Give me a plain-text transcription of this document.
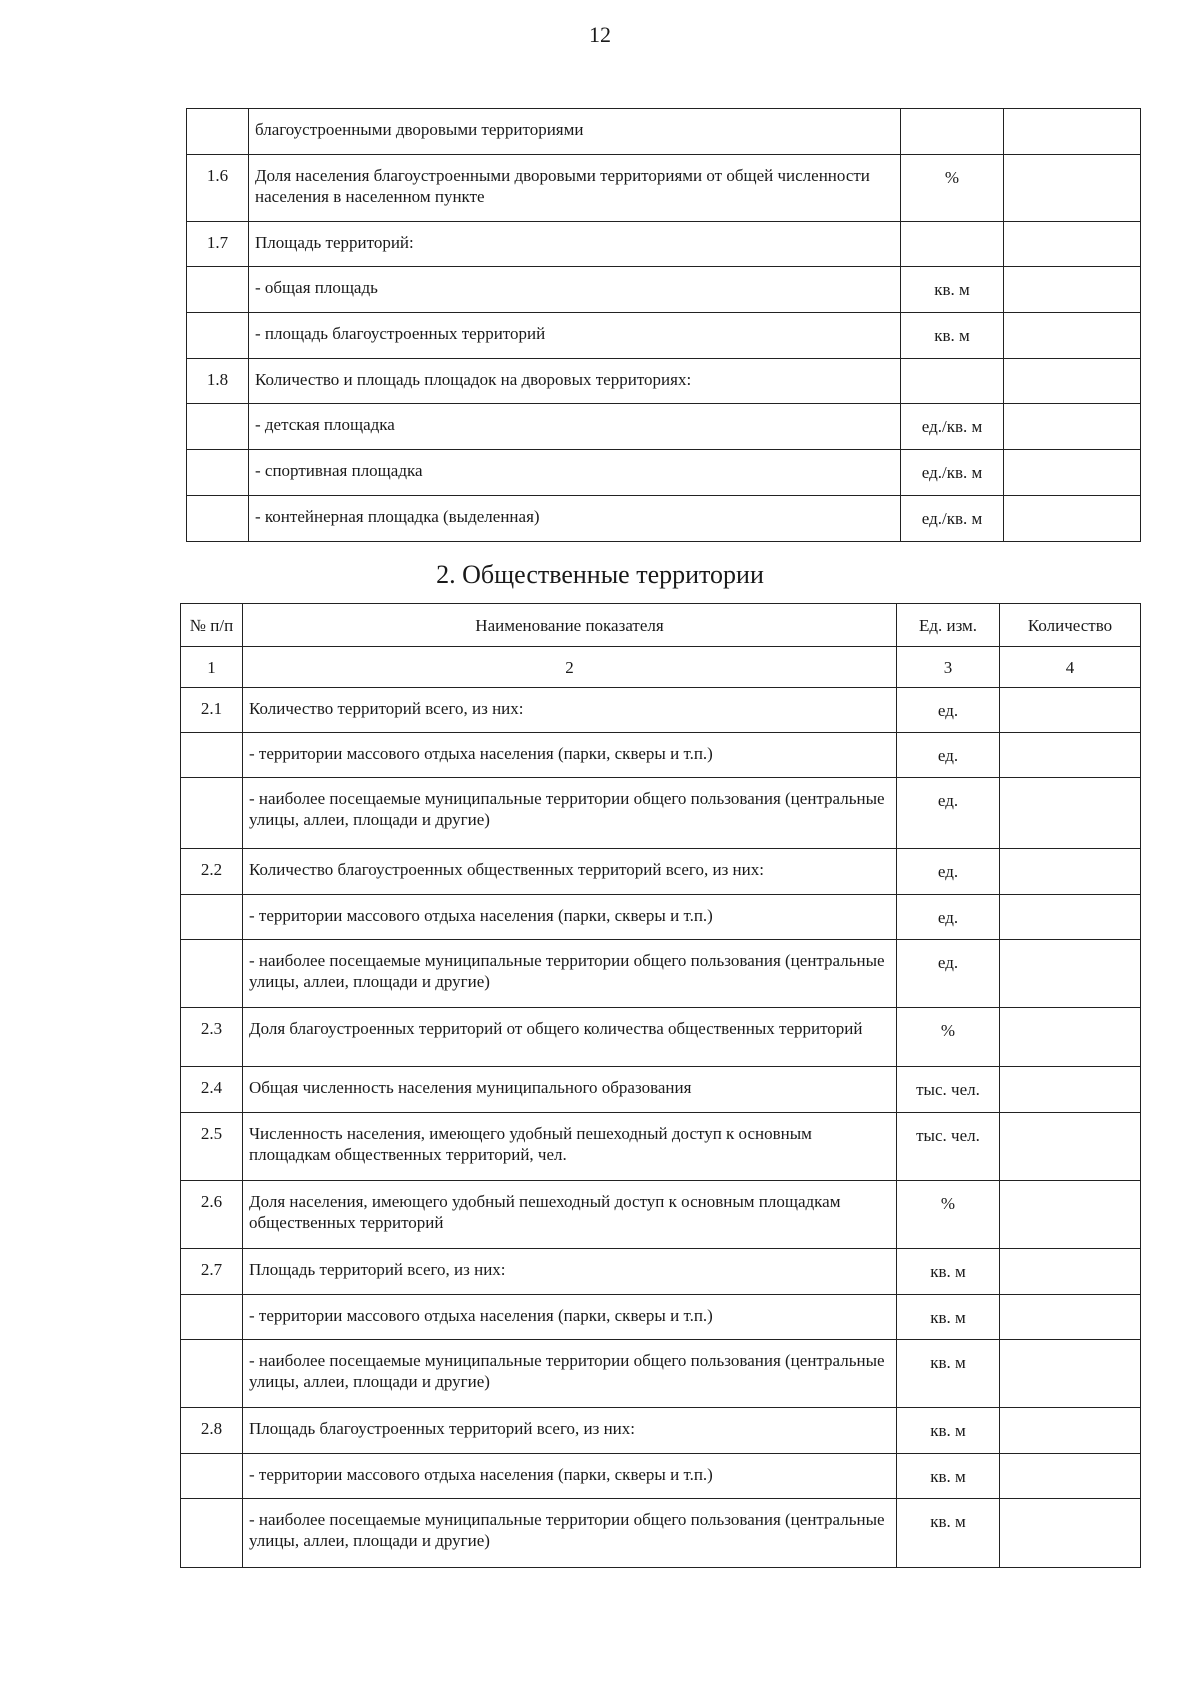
12
	благоустроенными дворовыми территориями		
1.6	Доля населения благоустроенными дворовыми территориями от общей численности населения в населенном пункте	%	
1.7	Площадь территорий:		
	- общая площадь	кв. м	
	- площадь благоустроенных территорий	кв. м	
1.8	Количество и площадь площадок на дворовых территориях:		
	- детская площадка	ед./кв. м	
	- спортивная площадка	ед./кв. м	
	- контейнерная площадка (выделенная)	ед./кв. м	
2. Общественные территории
№ п/п	Наименование показателя	Ед. изм.	Количество
1	2	3	4
2.1	Количество территорий всего, из них:	ед.	
	- территории массового отдыха населения (парки, скверы и т.п.)	ед.	
	- наиболее посещаемые муниципальные территории общего пользования (центральные улицы, аллеи, площади и другие)	ед.	
2.2	Количество благоустроенных общественных территорий всего, из них:	ед.	
	- территории массового отдыха населения (парки, скверы и т.п.)	ед.	
	- наиболее посещаемые муниципальные территории общего пользования (центральные улицы, аллеи, площади и другие)	ед.	
2.3	Доля благоустроенных территорий от общего количества общественных территорий	%	
2.4	Общая численность населения муниципального образования	тыс. чел.	
2.5	Численность населения, имеющего удобный пешеходный доступ к основным площадкам общественных территорий, чел.	тыс. чел.	
2.6	Доля населения, имеющего удобный пешеходный доступ к основным площадкам общественных территорий	%	
2.7	Площадь территорий всего, из них:	кв. м	
	- территории массового отдыха населения (парки, скверы и т.п.)	кв. м	
	- наиболее посещаемые муниципальные территории общего пользования (центральные улицы, аллеи, площади и другие)	кв. м	
2.8	Площадь благоустроенных территорий всего, из них:	кв. м	
	- территории массового отдыха населения (парки, скверы и т.п.)	кв. м	
	- наиболее посещаемые муниципальные территории общего пользования (центральные улицы, аллеи, площади и другие)	кв. м	
